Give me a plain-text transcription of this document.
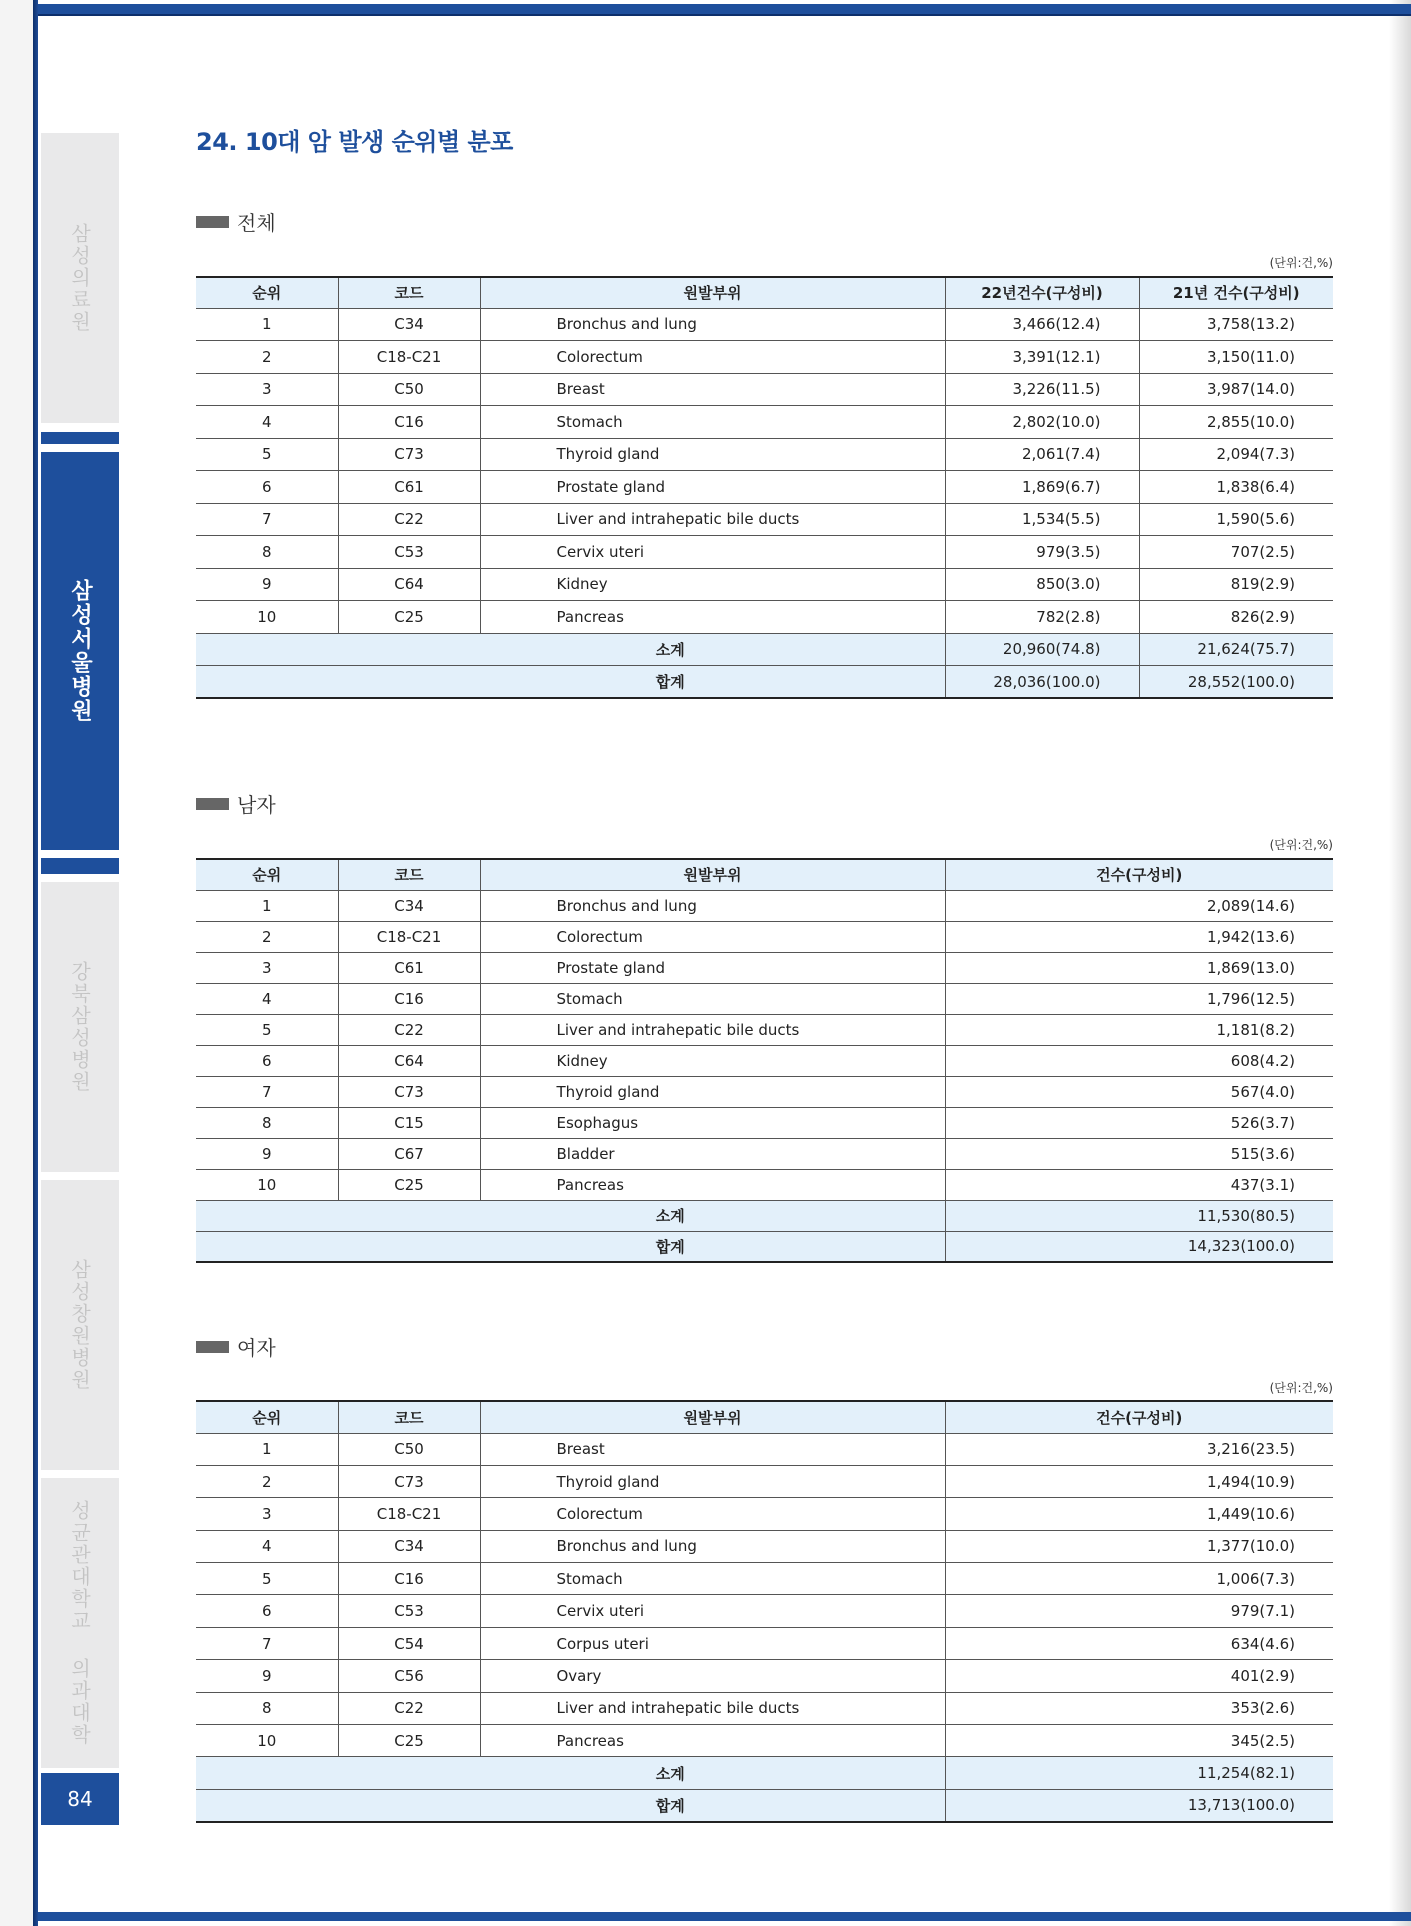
삼성의료원
삼성서울병원
강북삼성병원
삼성창원병원
성균관대학교 의과대학
84
24. 10대 암 발생 순위별 분포
전체
(단위:건,%)
순위	코드	원발부위	22년건수(구성비)	21년 건수(구성비)
1	C34	Bronchus and lung	3,466(12.4)	3,758(13.2)
2	C18-C21	Colorectum	3,391(12.1)	3,150(11.0)
3	C50	Breast	3,226(11.5)	3,987(14.0)
4	C16	Stomach	2,802(10.0)	2,855(10.0)
5	C73	Thyroid gland	2,061(7.4)	2,094(7.3)
6	C61	Prostate gland	1,869(6.7)	1,838(6.4)
7	C22	Liver and intrahepatic bile ducts	1,534(5.5)	1,590(5.6)
8	C53	Cervix uteri	979(3.5)	707(2.5)
9	C64	Kidney	850(3.0)	819(2.9)
10	C25	Pancreas	782(2.8)	826(2.9)
소계			20,960(74.8)	21,624(75.7)
합계			28,036(100.0)	28,552(100.0)
남자
(단위:건,%)
순위	코드	원발부위	건수(구성비)
1	C34	Bronchus and lung	2,089(14.6)
2	C18-C21	Colorectum	1,942(13.6)
3	C61	Prostate gland	1,869(13.0)
4	C16	Stomach	1,796(12.5)
5	C22	Liver and intrahepatic bile ducts	1,181(8.2)
6	C64	Kidney	608(4.2)
7	C73	Thyroid gland	567(4.0)
8	C15	Esophagus	526(3.7)
9	C67	Bladder	515(3.6)
10	C25	Pancreas	437(3.1)
소계			11,530(80.5)
합계			14,323(100.0)
여자
(단위:건,%)
순위	코드	원발부위	건수(구성비)
1	C50	Breast	3,216(23.5)
2	C73	Thyroid gland	1,494(10.9)
3	C18-C21	Colorectum	1,449(10.6)
4	C34	Bronchus and lung	1,377(10.0)
5	C16	Stomach	1,006(7.3)
6	C53	Cervix uteri	979(7.1)
7	C54	Corpus uteri	634(4.6)
9	C56	Ovary	401(2.9)
8	C22	Liver and intrahepatic bile ducts	353(2.6)
10	C25	Pancreas	345(2.5)
소계			11,254(82.1)
합계			13,713(100.0)
